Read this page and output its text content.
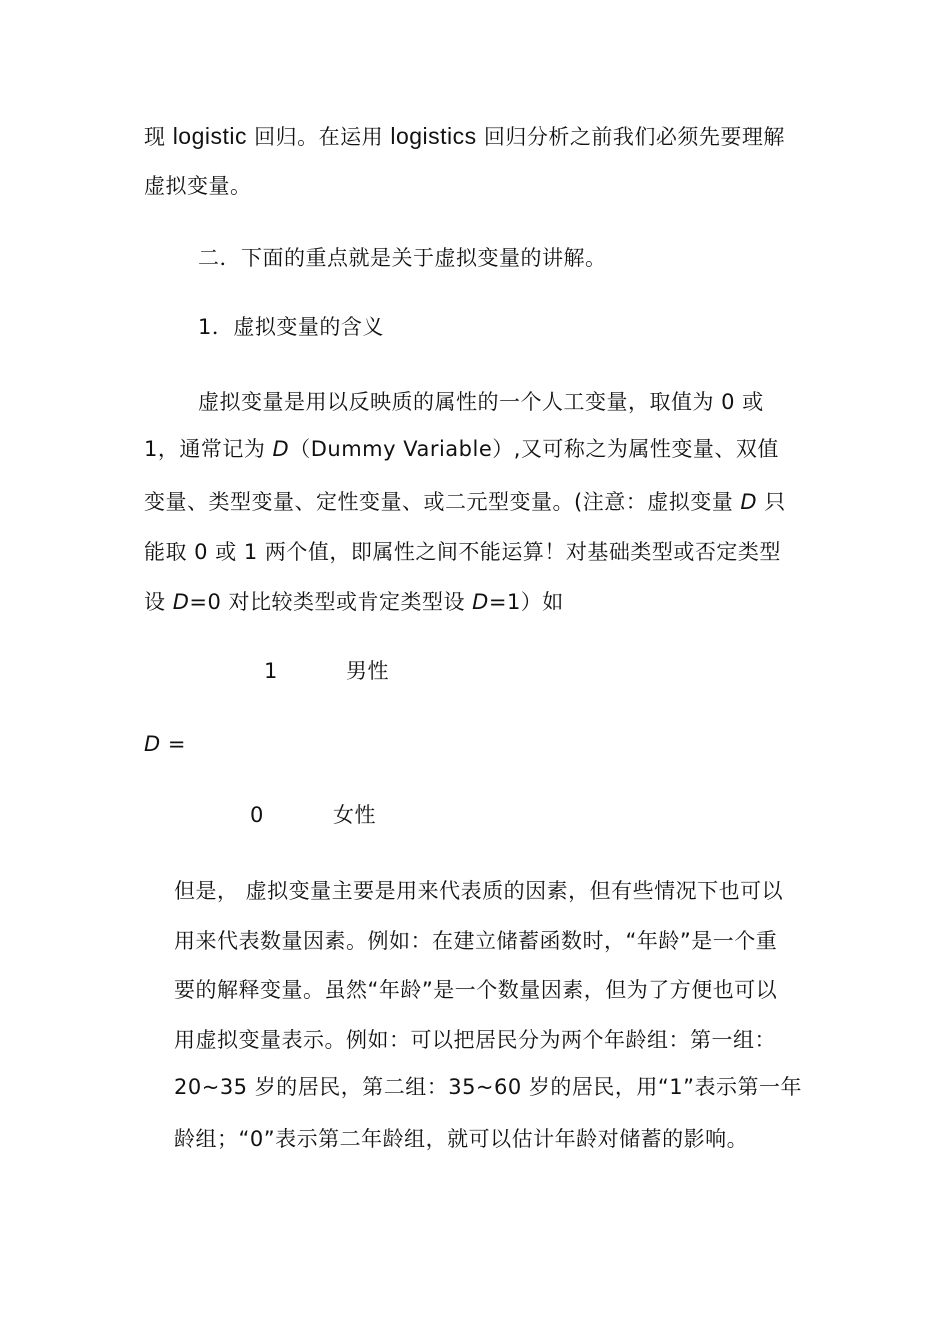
现 logistic 回归。在运用 logistics 回归分析之前我们必须先要理解
虚拟变量。
二．下面的重点就是关于虚拟变量的讲解。
1．虚拟变量的含义
虚拟变量是用以反映质的属性的一个人工变量，取值为 0 或
1，通常记为 D（Dummy Variable）,又可称之为属性变量、双值
变量、类型变量、定性变量、或二元型变量。(注意：虚拟变量 D 只
能取 0 或 1 两个值，即属性之间不能运算！对基础类型或否定类型
设 D=0 对比较类型或肯定类型设 D=1）如
1	男性
D =
0	女性
但是， 虚拟变量主要是用来代表质的因素，但有些情况下也可以
用来代表数量因素。例如：在建立储蓄函数时，“年龄”是一个重
要的解释变量。虽然“年龄”是一个数量因素，但为了方便也可以
用虚拟变量表示。例如：可以把居民分为两个年龄组：第一组：
20~35 岁的居民，第二组：35~60 岁的居民，用“1”表示第一年
龄组；“0”表示第二年龄组，就可以估计年龄对储蓄的影响。
